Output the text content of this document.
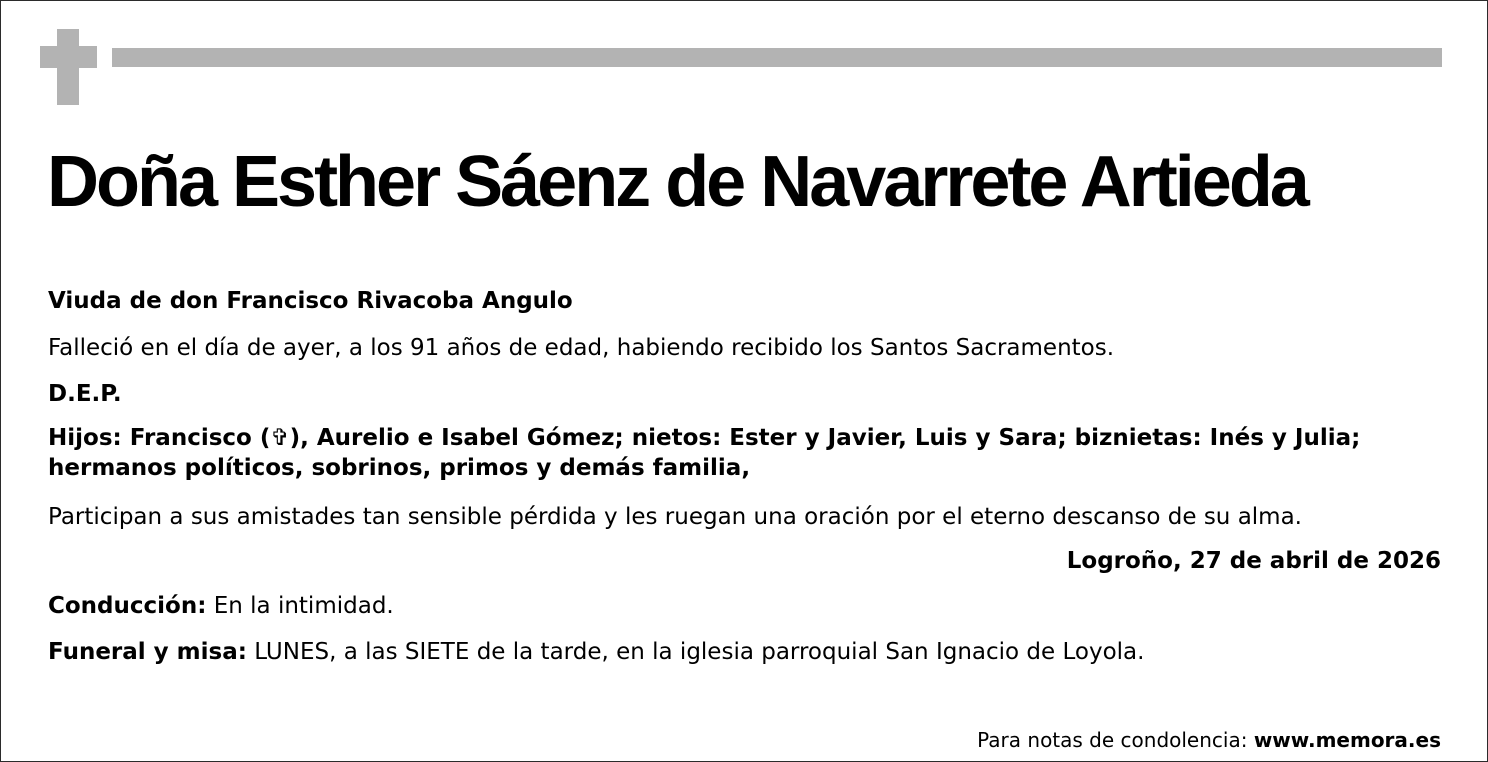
Doña Esther Sáenz de Navarrete Artieda

Viuda de don Francisco Rivacoba Angulo

Falleció en el día de ayer, a los 91 años de edad, habiendo recibido los Santos Sacramentos.

D.E.P.

Hijos: Francisco (✞), Aurelio e Isabel Gómez; nietos: Ester y Javier, Luis y Sara; biznietas: Inés y Julia; hermanos políticos, sobrinos, primos y demás familia,

Participan a sus amistades tan sensible pérdida y les ruegan una oración por el eterno descanso de su alma.

Logroño, 27 de abril de 2026

Conducción: En la intimidad.

Funeral y misa: LUNES, a las SIETE de la tarde, en la iglesia parroquial San Ignacio de Loyola.

Para notas de condolencia: www.memora.es
